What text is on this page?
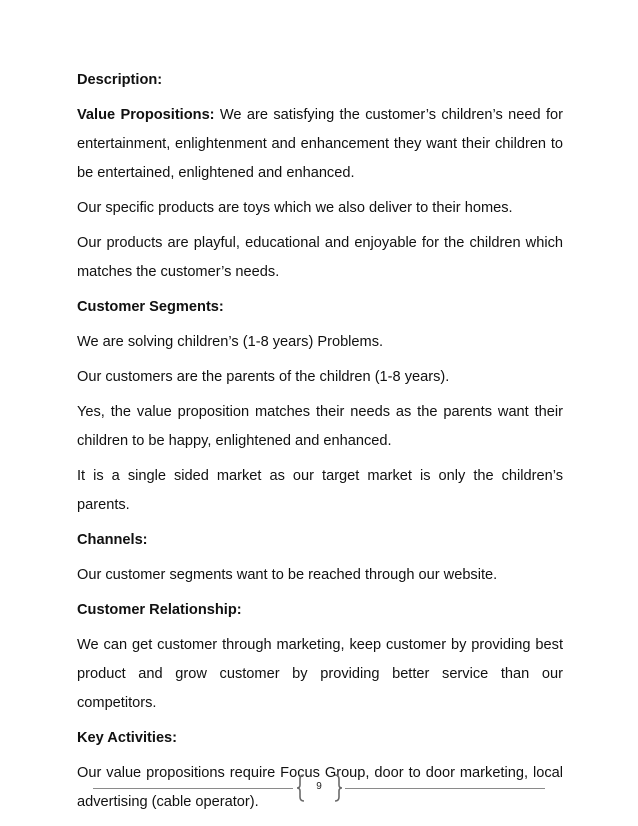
Description:

Value Propositions: We are satisfying the customer’s children’s need for entertainment, enlightenment and enhancement they want their children to be entertained, enlightened and enhanced.

Our specific products are toys which we also deliver to their homes.

Our products are playful, educational and enjoyable for the children which matches the customer’s needs.

Customer Segments:

We are solving children’s (1-8 years) Problems.

Our customers are the parents of the children (1-8 years).

Yes, the value proposition matches their needs as the parents want their children to be happy, enlightened and enhanced.

It is a single sided market as our target market is only the children’s parents.

Channels:

Our customer segments want to be reached through our website.

Customer Relationship:

We can get customer through marketing, keep customer by providing best product and grow customer by providing better service than our competitors.

Key Activities:

Our value propositions require Focus Group, door to door marketing, local advertising (cable operator).

9
